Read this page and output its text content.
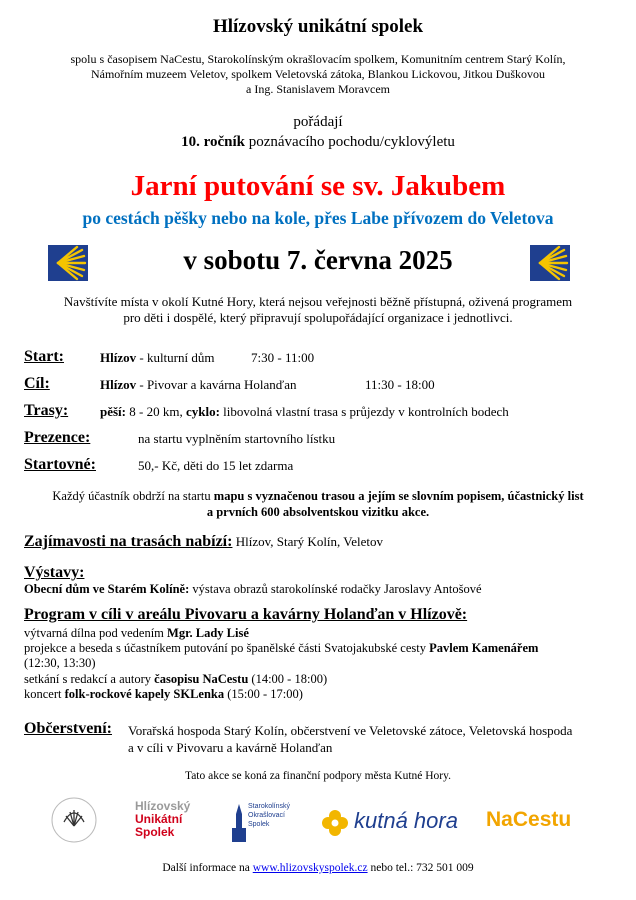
Hlízovský unikátní spolek
spolu s časopisem NaCestu, Starokolínským okrašlovacím spolkem, Komunitním centrem Starý Kolín,
Námořním muzeem Veletov, spolkem Veletovská zátoka, Blankou Lickovou, Jitkou Duškovou
a Ing. Stanislavem Moravcem
pořádají
10. ročník poznávacího pochodu/cyklovýletu
Jarní putování se sv. Jakubem
po cestách pěšky nebo na kole, přes Labe přívozem do Veletova
v sobotu 7. června 2025
Navštívíte místa v okolí Kutné Hory, která nejsou veřejnosti běžně přístupná, oživená programem
pro děti i dospělé, který připravují spolupořádající organizace i jednotlivci.
Start:	Hlízov - kulturní dům	7:30 - 11:00
Cíl:	Hlízov - Pivovar a kavárna Holanďan	11:30 - 18:00
Trasy: pěší: 8 - 20 km, cyklo: libovolná vlastní trasa s průjezdy v kontrolních bodech
Prezence:	na startu vyplněním startovního lístku
Startovné:	50,- Kč, děti do 15 let zdarma
Každý účastník obdrží na startu mapu s vyznačenou trasou a jejím se slovním popisem, účastnický list
a prvních 600 absolventskou vizitku akce.
Zajímavosti na trasách nabízí: Hlízov, Starý Kolín, Veletov
Výstavy:
Obecní dům ve Starém Kolíně: výstava obrazů starokolínské rodačky Jaroslavy Antošové
Program v cíli v areálu Pivovaru a kavárny Holanďan v Hlízově:
výtvarná dílna pod vedením Mgr. Lady Lisé
projekce a beseda s účastníkem putování po španělské části Svatojakubské cesty Pavlem Kamenářem
(12:30, 13:30)
setkání s redakcí a autory časopisu NaCestu (14:00 - 18:00)
koncert folk-rockové kapely SKLenka (15:00 - 17:00)
Občerstvení: Vorařská hospoda Starý Kolín, občerstvení ve Veletovské zátoce, Veletovská hospoda
a v cíli v Pivovaru a kavárně Holanďan
Tato akce se koná za finanční podpory města Kutné Hory.
Hlízovský
Unikátní
Spolek
Starokolínský
Okrašlovací
Spolek	kutná hora NaCestu
Další informace na www.hlizovskyspolek.cz nebo tel.: 732 501 009
